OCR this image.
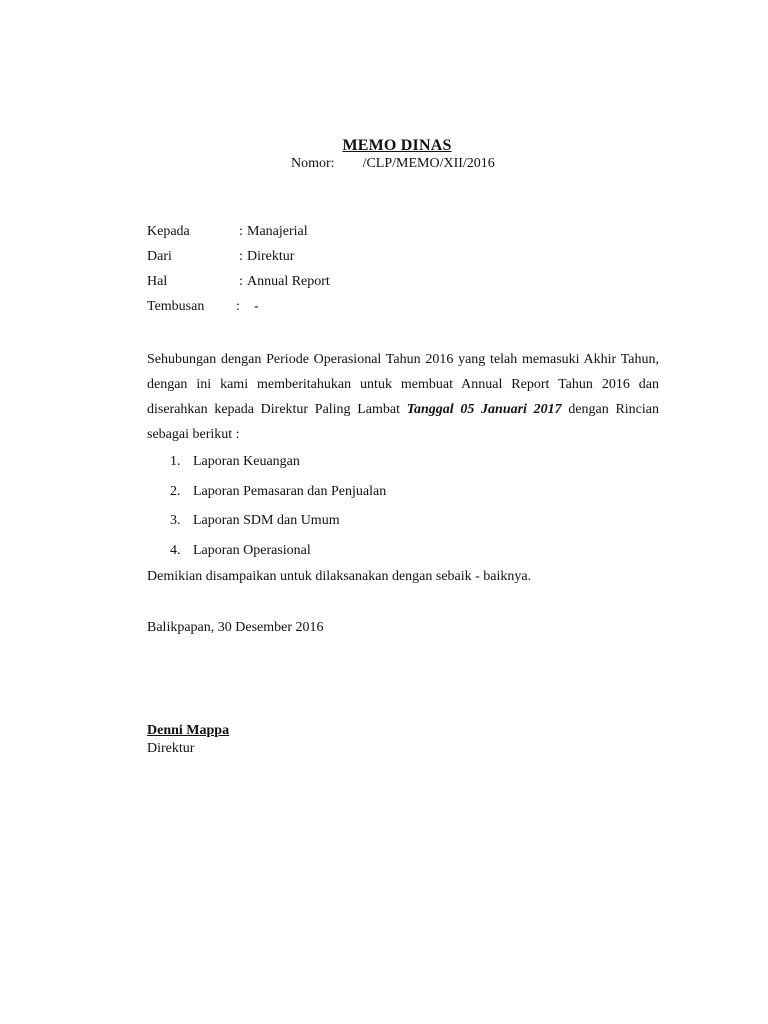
MEMO DINAS
Nomor: /CLP/MEMO/XII/2016
Kepada	: Manajerial
Dari	: Direktur
Hal	: Annual Report
Tembusan : -
Sehubungan dengan Periode Operasional Tahun 2016 yang telah memasuki Akhir Tahun, dengan ini kami memberitahukan untuk membuat Annual Report Tahun 2016 dan diserahkan kepada Direktur Paling Lambat Tanggal 05 Januari 2017 dengan Rincian sebagai berikut :
1. Laporan Keuangan
2. Laporan Pemasaran dan Penjualan
3. Laporan SDM dan Umum
4. Laporan Operasional
Demikian disampaikan untuk dilaksanakan dengan sebaik - baiknya.
Balikpapan, 30 Desember 2016
Denni Mappa
Direktur
